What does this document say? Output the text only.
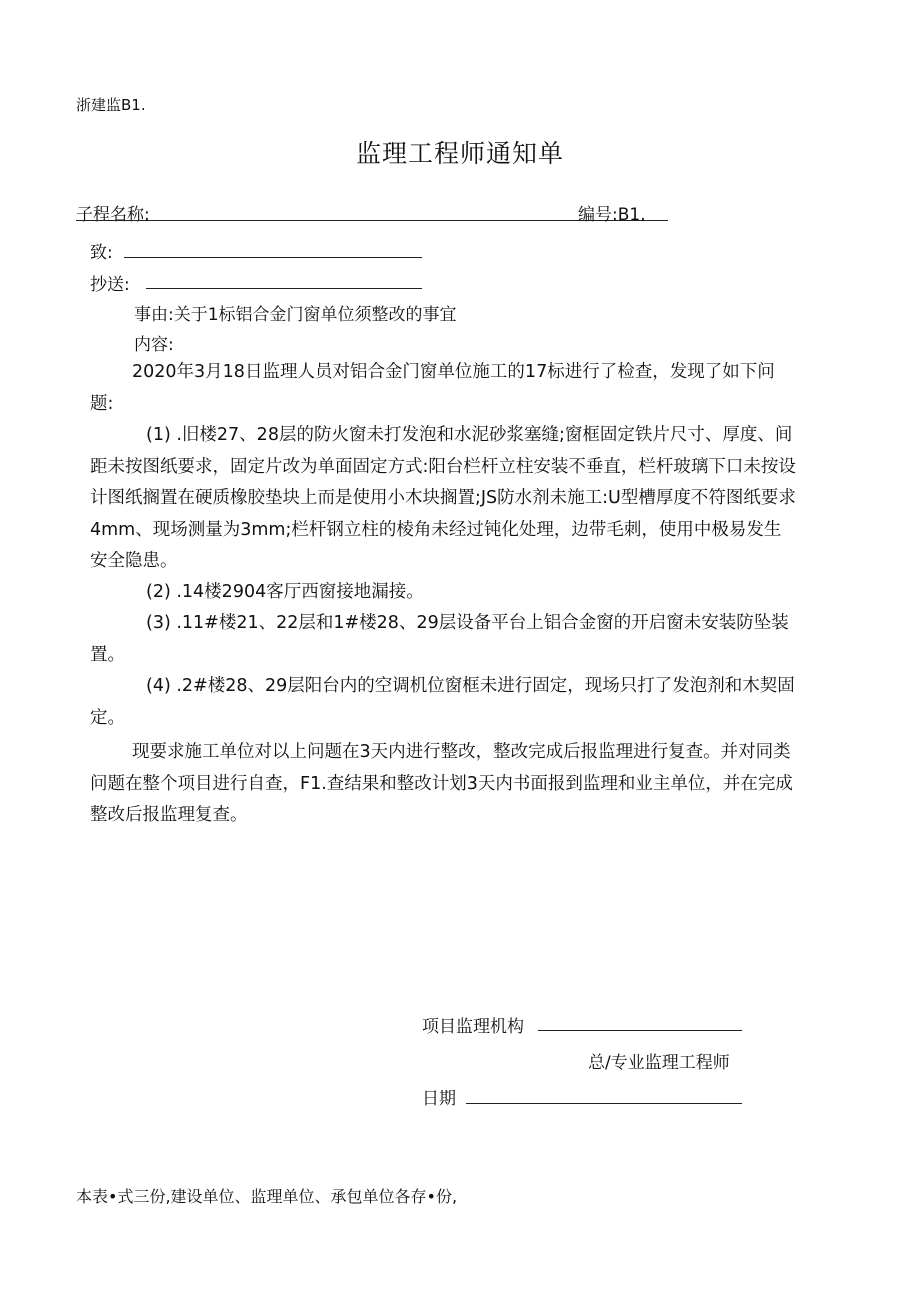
浙建监B1.
监理工程师通知单
子程名称:	编号:B1.
致:
抄送:
事由:关于1标铝合金门窗单位须整改的事宜
内容:
2020年3月18日监理人员对铝合金门窗单位施工的17标进行了检查，发现了如下问题:
(1) .旧楼27、28层的防火窗未打发泡和水泥砂浆塞缝;窗框固定铁片尺寸、厚度、间距未按图纸要求，固定片改为单面固定方式:阳台栏杆立柱安装不垂直，栏杆玻璃下口未按设计图纸搁置在硬质橡胶垫块上而是使用小木块搁置;JS防水剂未施工:U型槽厚度不符图纸要求4mm、现场测量为3mm;栏杆钢立柱的棱角未经过钝化处理，边带毛刺，使用中极易发生安全隐患。
(2) .14楼2904客厅西窗接地漏接。
(3) .11#楼21、22层和1#楼28、29层设备平台上铝合金窗的开启窗未安装防坠装置。
(4) .2#楼28、29层阳台内的空调机位窗框未进行固定，现场只打了发泡剂和木契固定。
现要求施工单位对以上问题在3天内进行整改，整改完成后报监理进行复查。并对同类问题在整个项目进行自查，F1.查结果和整改计划3天内书面报到监理和业主单位，并在完成整改后报监理复查。
项目监理机构
总/专业监理工程师
日期
本表•式三份,建设单位、监理单位、承包单位各存•份,
